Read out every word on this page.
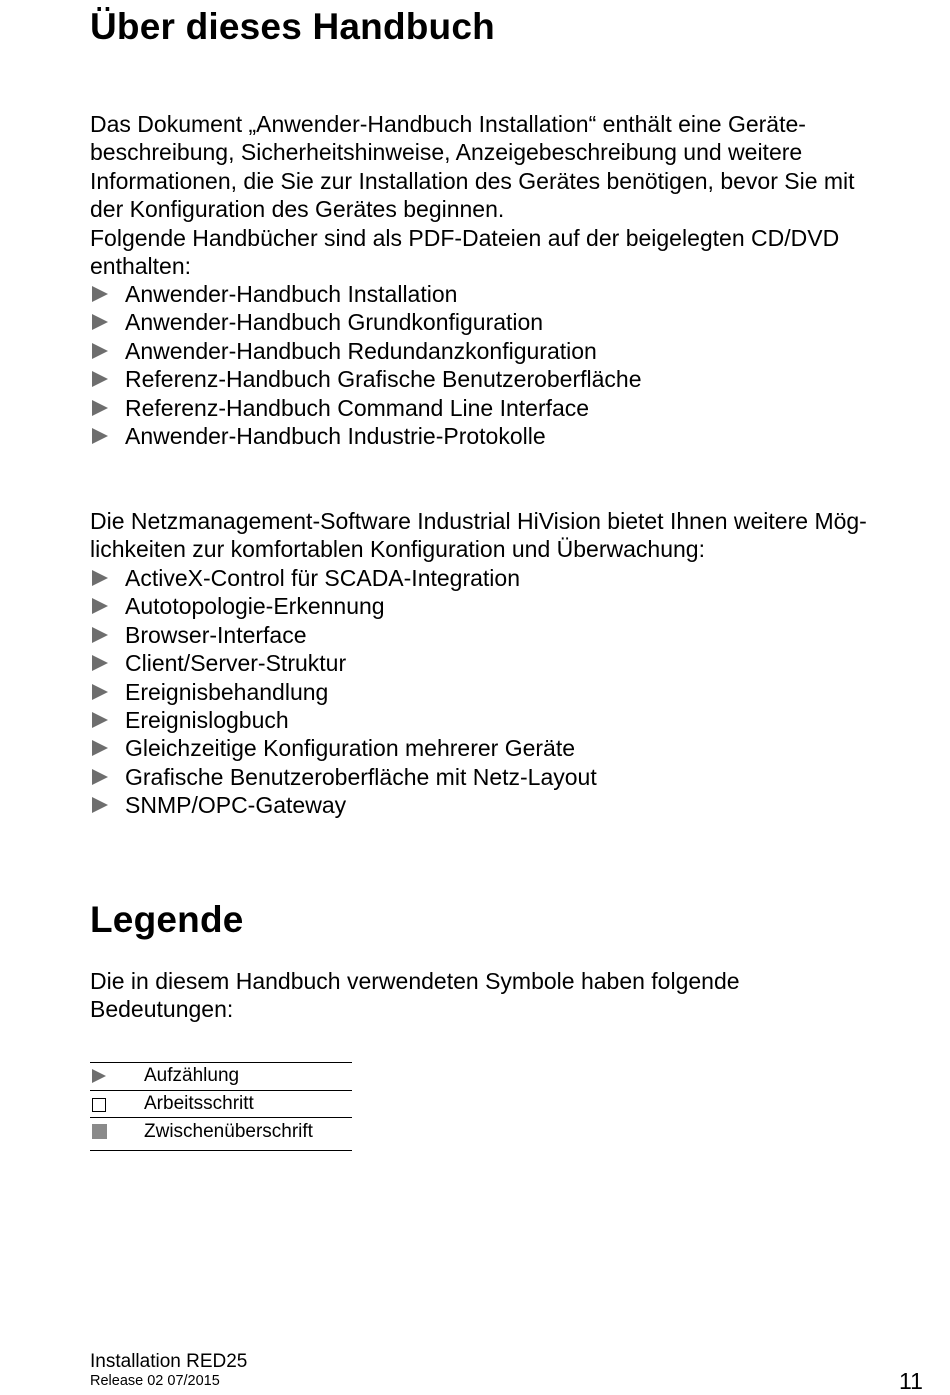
Über dieses Handbuch

Das Dokument „Anwender-Handbuch Installation“ enthält eine Geräte-
beschreibung, Sicherheitshinweise, Anzeigebeschreibung und weitere
Informationen, die Sie zur Installation des Gerätes benötigen, bevor Sie mit
der Konfiguration des Gerätes beginnen.
Folgende Handbücher sind als PDF-Dateien auf der beigelegten CD/DVD
enthalten:

Anwender-Handbuch Installation
Anwender-Handbuch Grundkonfiguration
Anwender-Handbuch Redundanzkonfiguration
Referenz-Handbuch Grafische Benutzeroberfläche
Referenz-Handbuch Command Line Interface
Anwender-Handbuch Industrie-Protokolle

Die Netzmanagement-Software Industrial HiVision bietet Ihnen weitere Mög-
lichkeiten zur komfortablen Konfiguration und Überwachung:

ActiveX-Control für SCADA-Integration
Autotopologie-Erkennung
Browser-Interface
Client/Server-Struktur
Ereignisbehandlung
Ereignislogbuch
Gleichzeitige Konfiguration mehrerer Geräte
Grafische Benutzeroberfläche mit Netz-Layout
SNMP/OPC-Gateway
Legende

Die in diesem Handbuch verwendeten Symbole haben folgende
Bedeutungen:

Aufzählung
Arbeitsschritt
Zwischenüberschrift
Installation RED25
Release 02 07/2015	11
